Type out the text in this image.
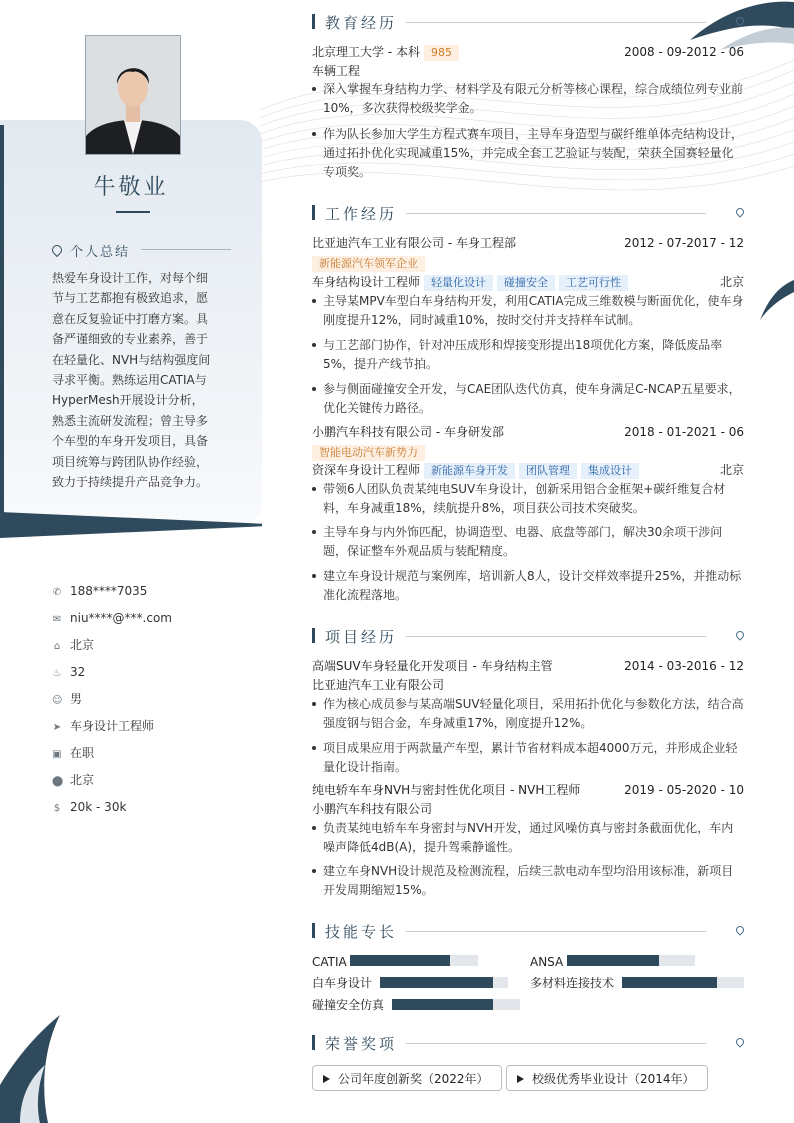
牛敬业
个人总结
热爱车身设计工作，对每个细节与工艺都抱有极致追求，愿意在反复验证中打磨方案。具备严谨细致的专业素养，善于在轻量化、NVH与结构强度间寻求平衡。熟练运用CATIA与HyperMesh开展设计分析，熟悉主流研发流程；曾主导多个车型的车身开发项目，具备项目统筹与跨团队协作经验，致力于持续提升产品竞争力。
✆ 188****7035
✉ niu****@***.com
⌂ 北京
♨ 32
☺ 男
➤ 车身设计工程师
▣ 在职
⬤ 北京
$ 20k - 30k
教育经历
北京理工大学 - 本科 985	2008 - 09-2012 - 06
车辆工程
深入掌握车身结构力学、材料学及有限元分析等核心课程，综合成绩位列专业前10%，多次获得校级奖学金。
作为队长参加大学生方程式赛车项目，主导车身造型与碳纤维单体壳结构设计，通过拓扑优化实现减重15%，并完成全套工艺验证与装配，荣获全国赛轻量化专项奖。
工作经历
比亚迪汽车工业有限公司 - 车身工程部	2012 - 07-2017 - 12
新能源汽车领军企业
车身结构设计工程师 轻量化设计 碰撞安全 工艺可行性	北京
主导某MPV车型白车身结构开发，利用CATIA完成三维数模与断面优化，使车身刚度提升12%，同时减重10%，按时交付并支持样车试制。
与工艺部门协作，针对冲压成形和焊接变形提出18项优化方案，降低废品率5%，提升产线节拍。
参与侧面碰撞安全开发，与CAE团队迭代仿真，使车身满足C-NCAP五星要求，优化关键传力路径。
小鹏汽车科技有限公司 - 车身研发部	2018 - 01-2021 - 06
智能电动汽车新势力
资深车身设计工程师 新能源车身开发 团队管理 集成设计	北京
带领6人团队负责某纯电SUV车身设计，创新采用铝合金框架+碳纤维复合材料，车身减重18%，续航提升8%，项目获公司技术突破奖。
主导车身与内外饰匹配，协调造型、电器、底盘等部门，解决30余项干涉问题，保证整车外观品质与装配精度。
建立车身设计规范与案例库，培训新人8人，设计交样效率提升25%，并推动标准化流程落地。
项目经历
高端SUV车身轻量化开发项目 - 车身结构主管	2014 - 03-2016 - 12
比亚迪汽车工业有限公司
作为核心成员参与某高端SUV轻量化项目，采用拓扑优化与参数化方法，结合高强度钢与铝合金，车身减重17%，刚度提升12%。
项目成果应用于两款量产车型，累计节省材料成本超4000万元，并形成企业轻量化设计指南。
纯电轿车车身NVH与密封性优化项目 - NVH工程师	2019 - 05-2020 - 10
小鹏汽车科技有限公司
负责某纯电轿车车身密封与NVH开发，通过风噪仿真与密封条截面优化，车内噪声降低4dB(A)，提升驾乘静谧性。
建立车身NVH设计规范及检测流程，后续三款电动车型均沿用该标准，新项目开发周期缩短15%。
技能专长
CATIA	ANSA
白车身设计	多材料连接技术
碰撞安全仿真
荣誉奖项
公司年度创新奖（2022年）	校级优秀毕业设计（2014年）
